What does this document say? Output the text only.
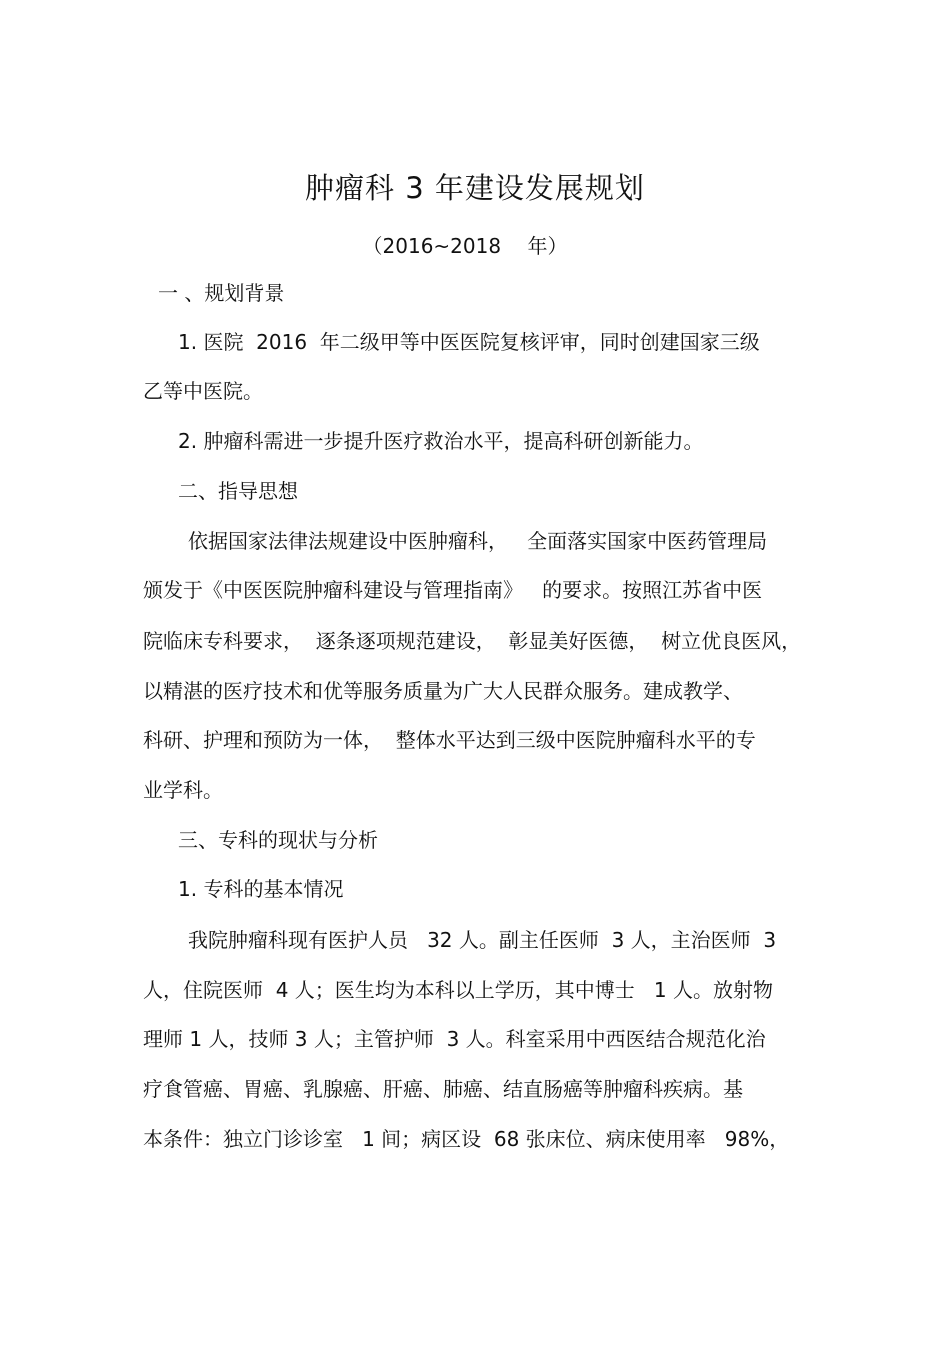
肿瘤科 3 年建设发展规划
（2016~2018　 年）
一 、规划背景
1. 医院  2016  年二级甲等中医医院复核评审，同时创建国家三级
乙等中医院。
2. 肿瘤科需进一步提升医疗救治水平，提高科研创新能力。
二、指导思想
依据国家法律法规建设中医肿瘤科，   全面落实国家中医药管理局
颁发于《中医医院肿瘤科建设与管理指南》   的要求。按照江苏省中医
院临床专科要求，  逐条逐项规范建设，  彰显美好医德，  树立优良医风，
以精湛的医疗技术和优等服务质量为广大人民群众服务。建成教学、
科研、护理和预防为一体，  整体水平达到三级中医院肿瘤科水平的专
业学科。
三、专科的现状与分析
1. 专科的基本情况
我院肿瘤科现有医护人员   32 人。副主任医师  3 人，主治医师  3
人，住院医师  4 人；医生均为本科以上学历，其中博士   1 人。放射物
理师 1 人，技师 3 人；主管护师  3 人。科室采用中西医结合规范化治
疗食管癌、胃癌、乳腺癌、肝癌、肺癌、结直肠癌等肿瘤科疾病。基
本条件：独立门诊诊室   1 间；病区设  68 张床位、病床使用率   98%，
